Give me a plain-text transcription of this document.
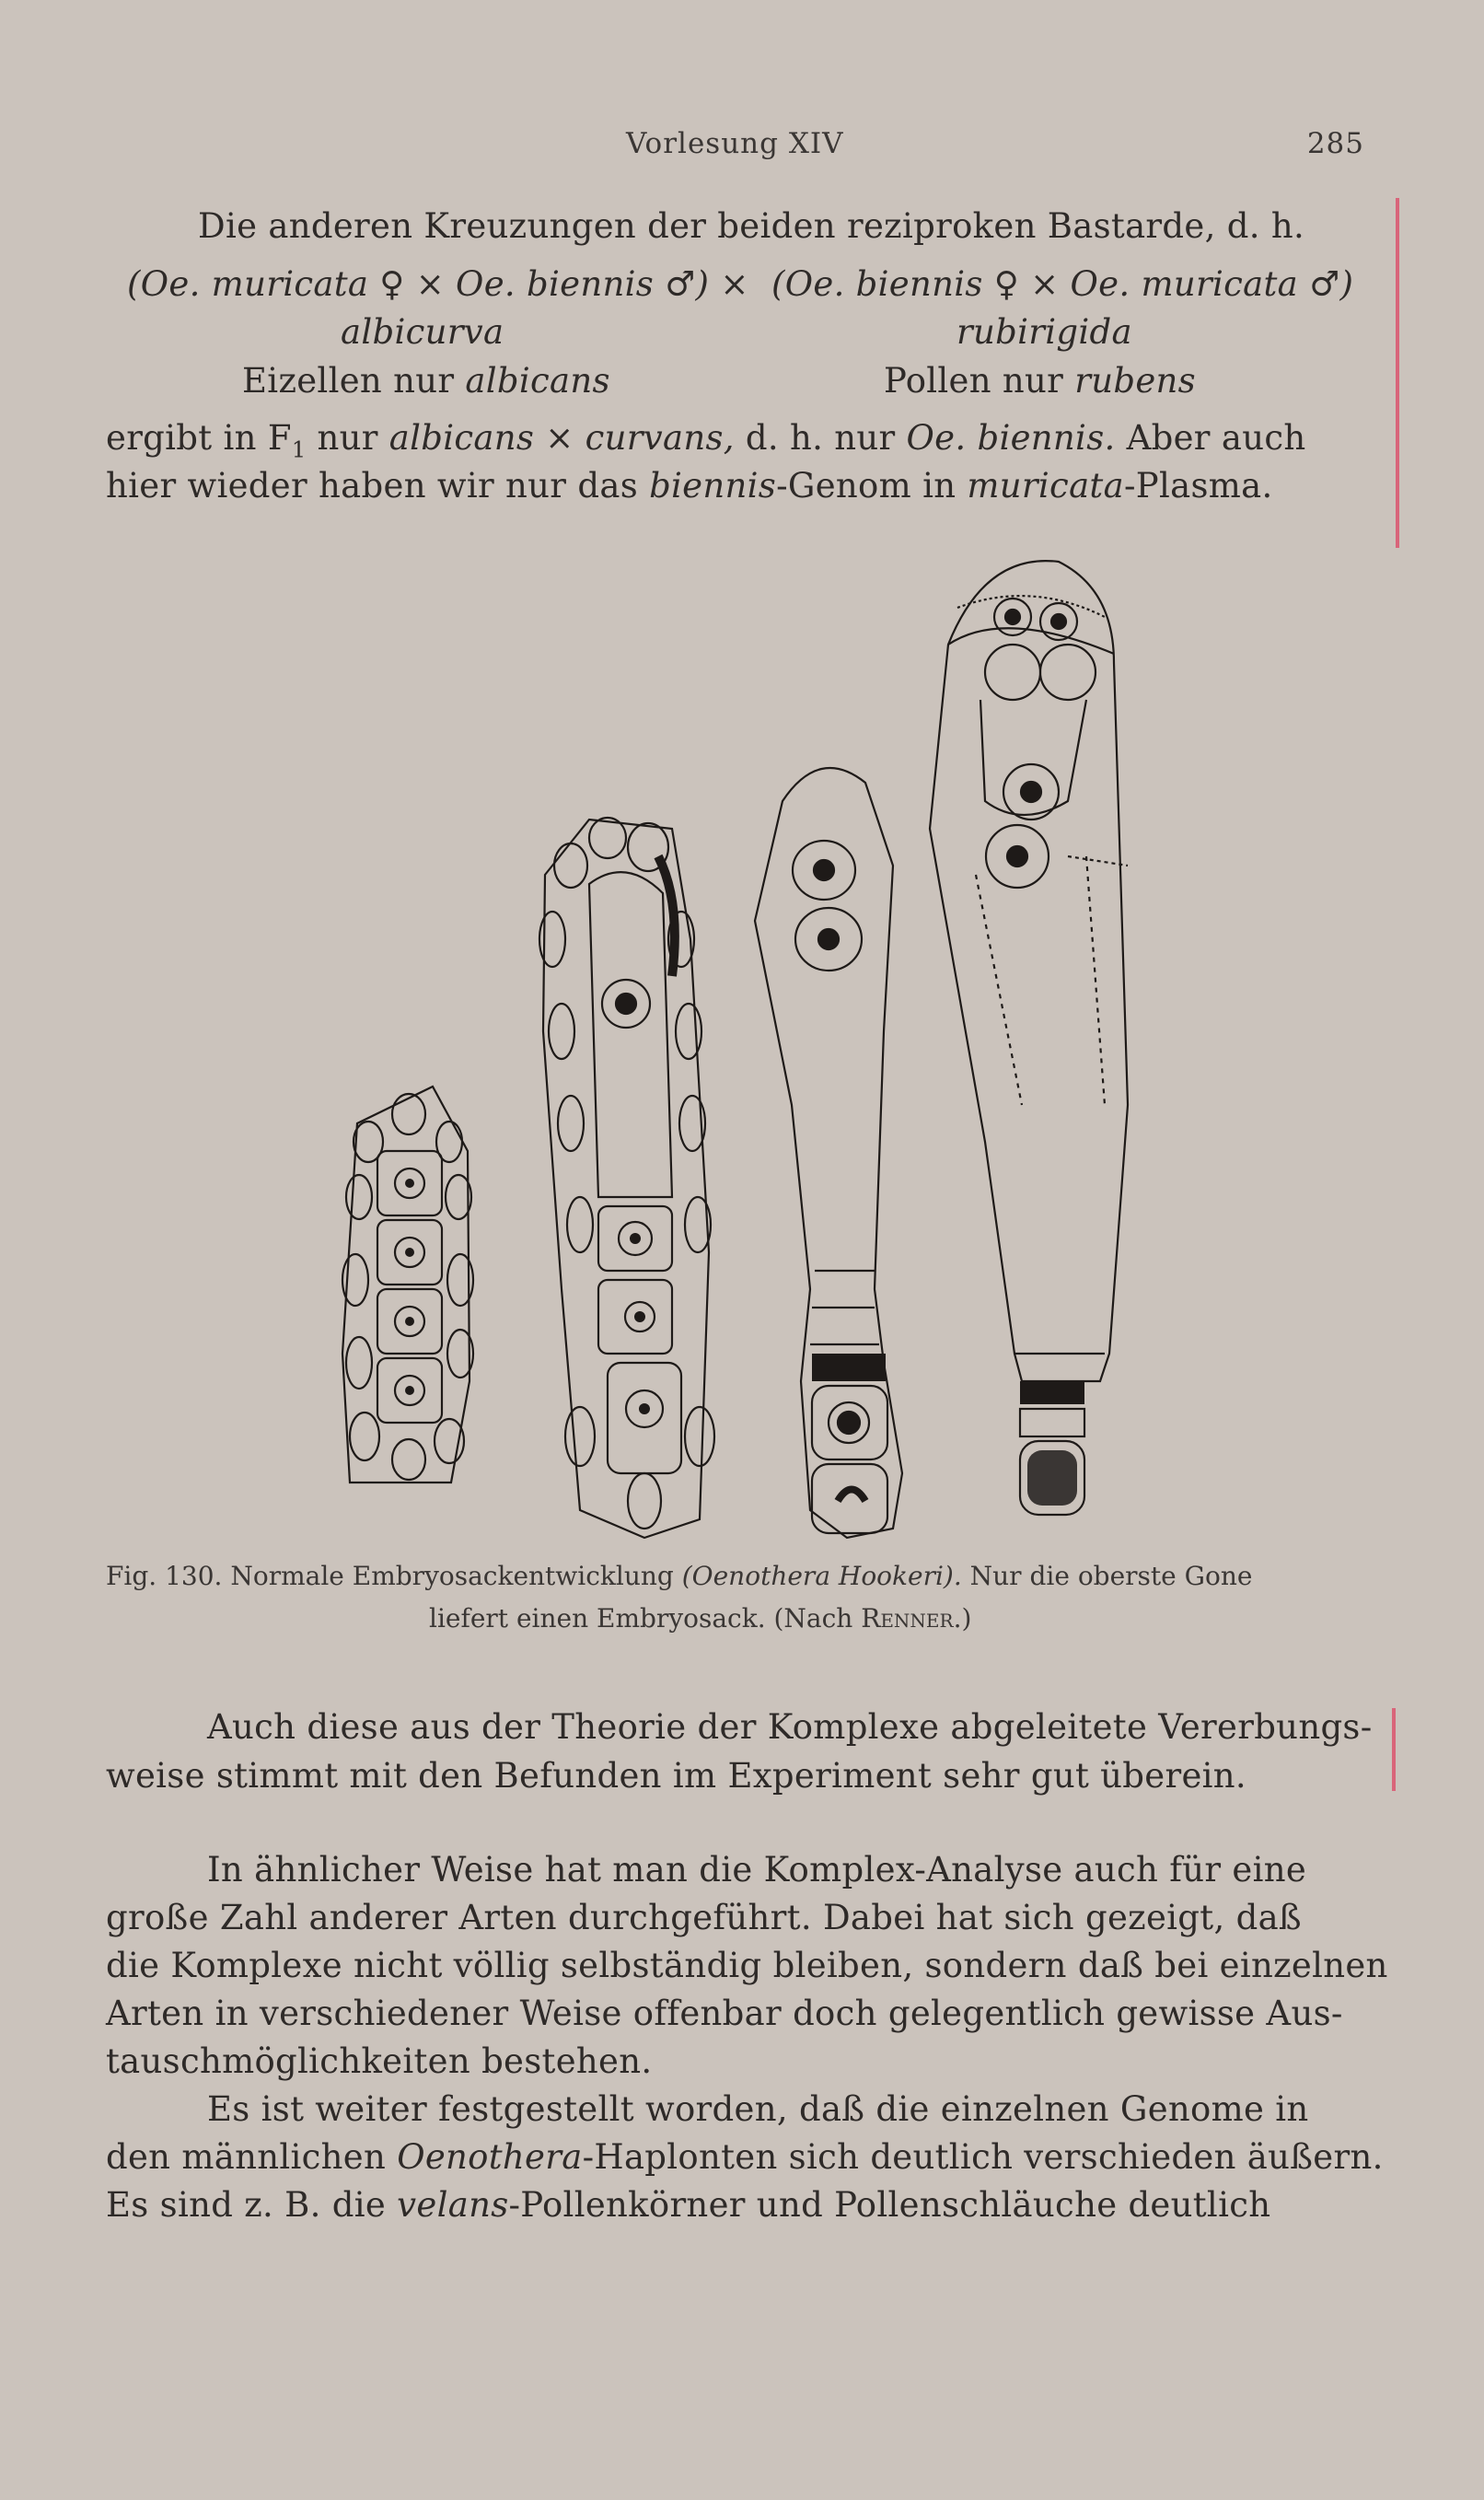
Vorlesung XIV	285
Die anderen Kreuzungen der beiden reziproken Bastarde, d. h.
(Oe. muricata ♀ × Oe. biennis ♂) × (Oe. biennis ♀ × Oe. muricata ♂)
albicurva	rubirigida
Eizellen nur albicans	Pollen nur rubens
ergibt in $F_1$ nur albicans × curvans, d. h. nur Oe. biennis. Aber auch
hier wieder haben wir nur das biennis-Genom in muricata-Plasma.
Fig. 130. Normale Embryosackentwicklung (Oenothera Hookeri). Nur die oberste Gone
liefert einen Embryosack. (Nach Renner.)
Auch diese aus der Theorie der Komplexe abgeleitete Vererbungs-
weise stimmt mit den Befunden im Experiment sehr gut überein.
In ähnlicher Weise hat man die Komplex-Analyse auch für eine
große Zahl anderer Arten durchgeführt. Dabei hat sich gezeigt, daß
die Komplexe nicht völlig selbständig bleiben, sondern daß bei einzelnen
Arten in verschiedener Weise offenbar doch gelegentlich gewisse Aus-
tauschmöglichkeiten bestehen.
Es ist weiter festgestellt worden, daß die einzelnen Genome in
den männlichen Oenothera-Haplonten sich deutlich verschieden äußern.
Es sind z. B. die velans-Pollenkörner und Pollenschläuche deutlich
